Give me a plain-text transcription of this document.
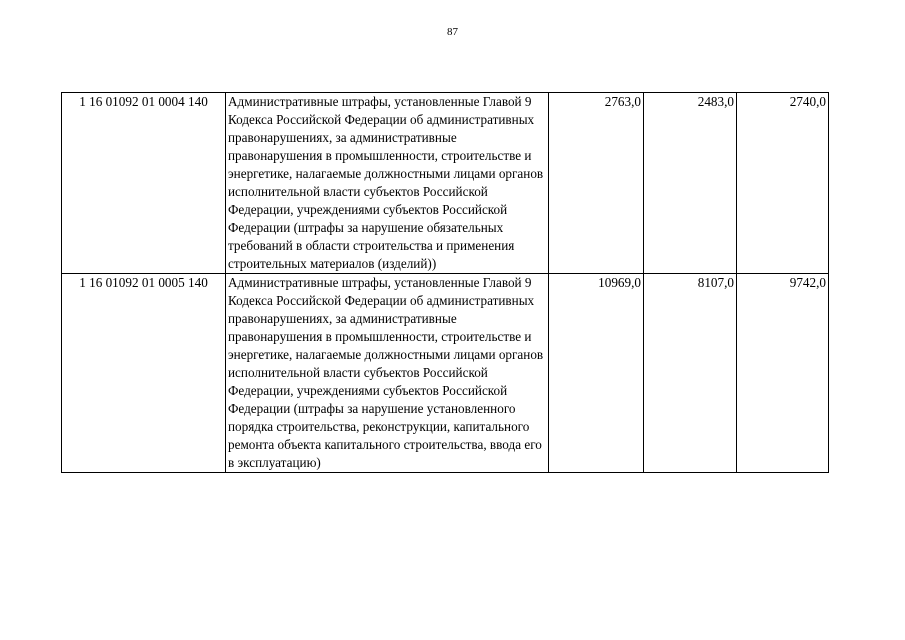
87
1 16 01092 01 0004 140	Административные штрафы, установленные Главой 9 Кодекса Российской Федерации об административных правонарушениях, за административные правонарушения в промышленности, строительстве и энергетике, налагаемые должностными лицами органов исполнительной власти субъектов Российской Федерации, учреждениями субъектов Российской Федерации (штрафы за нарушение обязательных требований в области строительства и применения строительных материалов (изделий))	2763,0	2483,0	2740,0
1 16 01092 01 0005 140	Административные штрафы, установленные Главой 9 Кодекса Российской Федерации об административных правонарушениях, за административные правонарушения в промышленности, строительстве и энергетике, налагаемые должностными лицами органов исполнительной власти субъектов Российской Федерации, учреждениями субъектов Российской Федерации (штрафы за нарушение установленного порядка строительства, реконструкции, капитального ремонта объекта капитального строительства, ввода его в эксплуатацию)	10969,0	8107,0	9742,0
